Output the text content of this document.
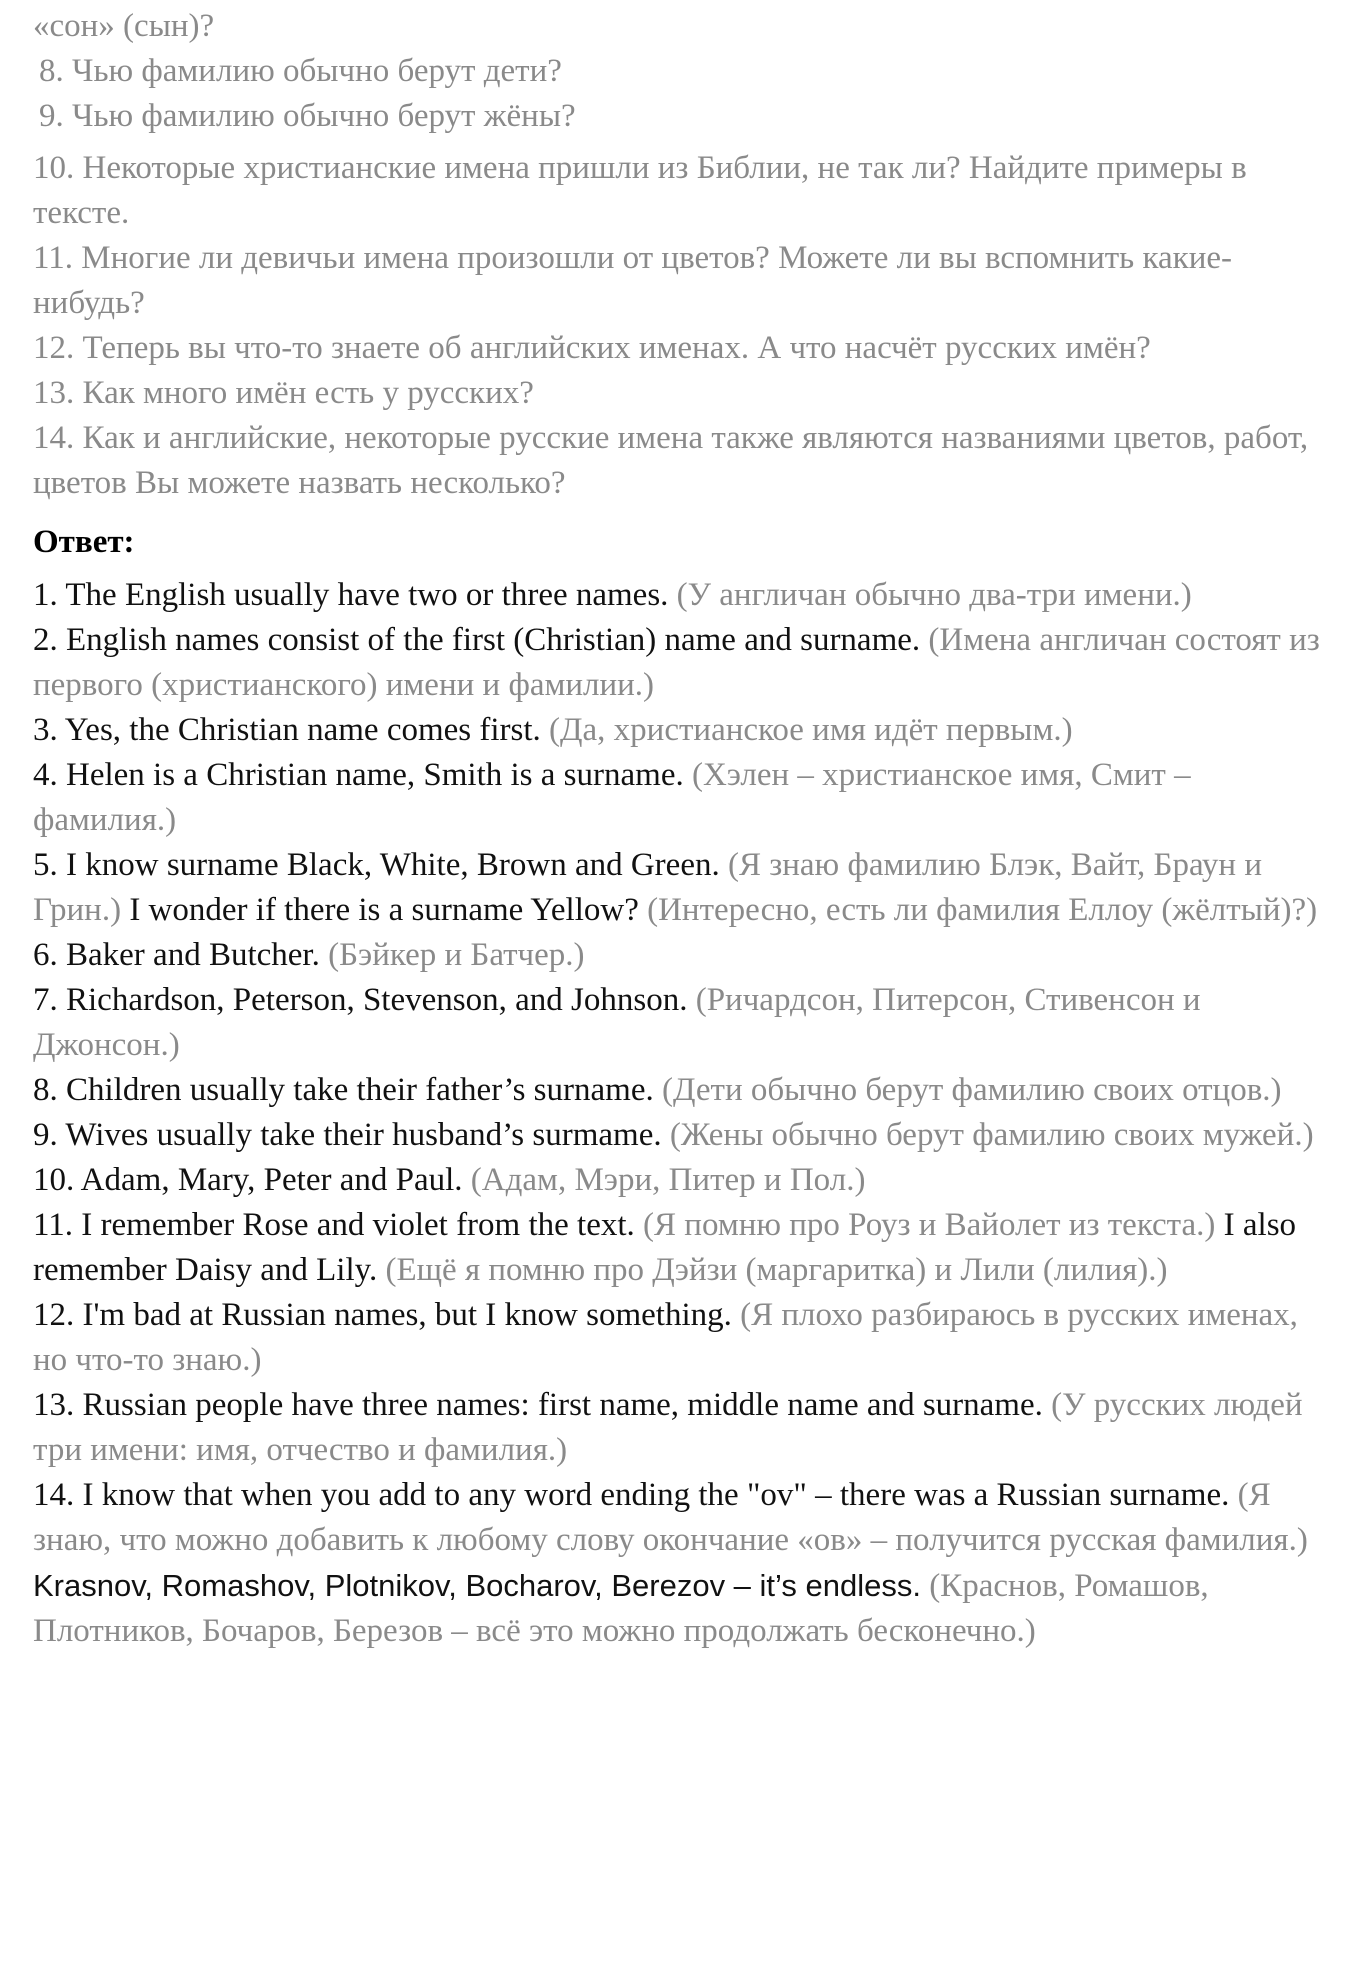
«сон» (сын)?

8. Чью фамилию обычно берут дети?

9. Чью фамилию обычно берут жёны?

10. Некоторые христианские имена пришли из Библии, не так ли? Найдите примеры в тексте.

11. Многие ли девичьи имена произошли от цветов? Можете ли вы вспомнить какие-нибудь?

12. Теперь вы что-то знаете об английских именах. А что насчёт русских имён?

13. Как много имён есть у русских?

14. Как и английские, некоторые русские имена также являются названиями цветов, работ, цветов Вы можете назвать несколько?

Ответ:

1. The English usually have two or three names. (У англичан обычно два-три имени.)

2. English names consist of the first (Christian) name and surname. (Имена англичан состоят из первого (христианского) имени и фамилии.)

3. Yes, the Christian name comes first. (Да, христианское имя идёт первым.)

4. Helen is a Christian name, Smith is a surname. (Хэлен – христианское имя, Смит – фамилия.)

5. I know surname Black, White, Brown and Green. (Я знаю фамилию Блэк, Вайт, Браун и Грин.) I wonder if there is a surname Yellow? (Интересно, есть ли фамилия Еллоу (жёлтый)?)

6. Baker and Butcher. (Бэйкер и Батчер.)

7. Richardson, Peterson, Stevenson, and Johnson. (Ричардсон, Питерсон, Стивенсон и Джонсон.)

8. Children usually take their father’s surname. (Дети обычно берут фамилию своих отцов.)

9. Wives usually take their husband’s surmame. (Жены обычно берут фамилию своих мужей.)

10. Adam, Mary, Peter and Paul. (Адам, Мэри, Питер и Пол.)

11. I remember Rose and violet from the text. (Я помню про Роуз и Вайолет из текста.) I also remember Daisy and Lily. (Ещё я помню про Дэйзи (маргаритка) и Лили (лилия).)

12. I'm bad at Russian names, but I know something. (Я плохо разбираюсь в русских именах, но что-то знаю.)

13. Russian people have three names: first name, middle name and surname. (У русских людей три имени: имя, отчество и фамилия.)

14. I know that when you add to any word ending the "ov" – there was a Russian surname. (Я знаю, что можно добавить к любому слову окончание «ов» – получится русская фамилия.) Krasnov, Romashov, Plotnikov, Bocharov, Berezov – it’s endless. (Краснов, Ромашов, Плотников, Бочаров, Березов – всё это можно продолжать бесконечно.)
